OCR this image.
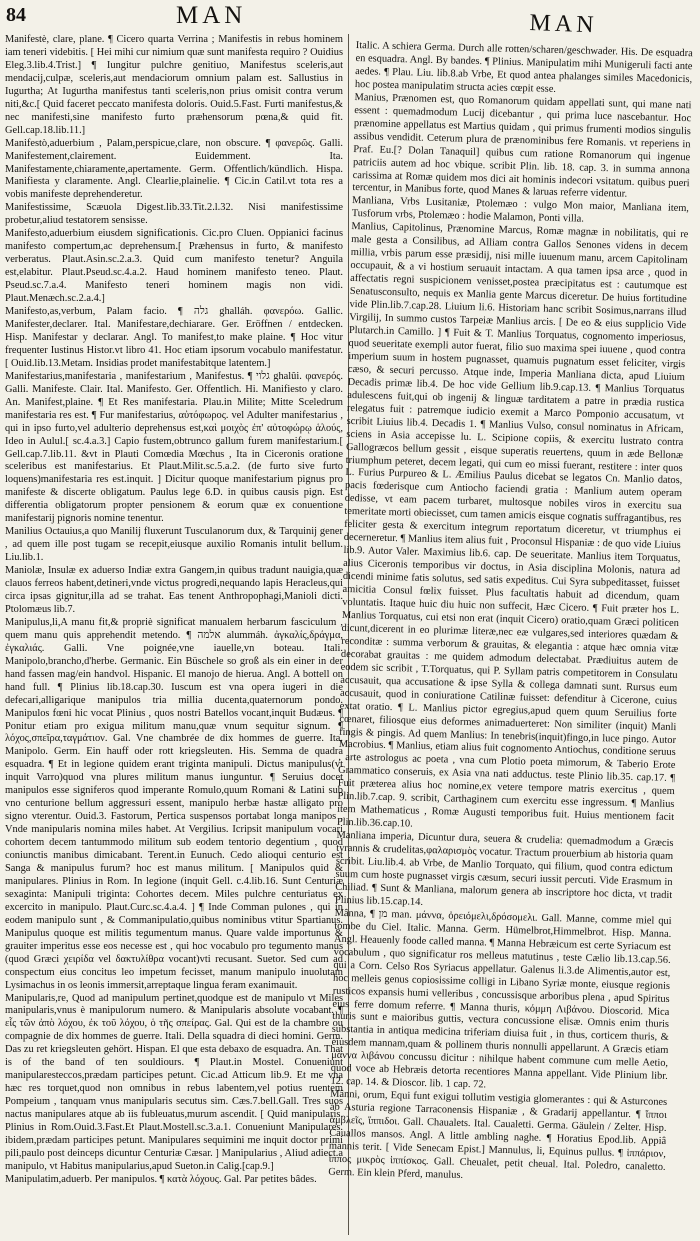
84	MAN	MAN

Manifestè, clare, plane. ¶ Cicero quarta Verrina ; Manifestis in rebus hominem iam teneri videbitis. [ Hei mihi cur nimium quæ sunt manifesta requiro ? Ouidius Eleg.3.lib.4.Trist.] ¶ Iungitur pulchre genitiuo, Manifestus sceleris,aut mendacij,culpæ, sceleris,aut mendaciorum omnium palam est. Sallustius in Iugurtha; At Iugurtha manifestus tanti sceleris,non prius omisit contra verum niti,&c.[ Quid faceret peccato manifesta doloris. Ouid.5.Fast. Furti manifestus,& nec manifesti,sine manifesto furto præhensorum pœna,& quid fit. Gell.cap.18.lib.11.]

Manifestò,aduerbium , Palam,perspicue,clare, non obscure. ¶ φανερῶς. Galli. Manifestement,clairement. Euidemment. Ita. Manifestamente,chiaramente,apertamente. Germ. Offentlich/kündlich. Hispa. Manifiesta y claramente. Angl. Clearlie,plainelie. ¶ Cic.in Catil.vt tota res a vobis manifeste deprehenderetur.

Manifestissime, Scæuola Digest.lib.33.Tit.2.l.32. Nisi manifestissime probetur,aliud testatorem sensisse.

Manifesto,aduerbium eiusdem significationis. Cic.pro Cluen. Oppianici facinus manifesto compertum,ac deprehensum.[ Præhensus in furto, & manifesto verberatus. Plaut.Asin.sc.2.a.3. Quid cum manifesto tenetur? Anguila est,elabitur. Plaut.Pseud.sc.4.a.2. Haud hominem manifesto teneo. Plaut. Pseud.sc.7.a.4. Manifesto teneri hominem magis non vidi. Plaut.Menæch.sc.2.a.4.]

Manifesto,as,verbum, Palam facio. ¶ גלה ghalláh. φανερόω. Gallic. Manifester,declarer. Ital. Manifestare,dechiarare. Ger. Eröffnen / entdecken. Hisp. Manifestar y declarar. Angl. To manifest,to make plaine. ¶ Hoc vitur frequenter Iustinus Histor.vt libro 41. Hoc etiam ipsorum vocabulo manifestatur. [ Ouid.lib.13.Metam. Insidias prodet manifestabitque latentem.]

Manifestarius,manifestaria , manifestarium , Manifestus. ¶ גלוי ghalûi. φανερός. Galli. Manifeste. Clair. Ital. Manifesto. Ger. Offentlich. Hi. Manifiesto y claro. An. Manifest,plaine. ¶ Et Res manifestaria. Plau.in Milite; Mitte Sceledrum manifestaria res est. ¶ Fur manifestarius, αὐτόφωρος. vel Adulter manifestarius , qui in ipso furto,vel adulterio deprehensus est,καὶ μοιχὸς ἐπ' αὐτοφώρῳ ἁλούς, Ideo in Aulul.[ sc.4.a.3.] Capio fustem,obtrunco gallum furem manifestarium.[ Gell.cap.7.lib.11. &vt in Plauti Comœdia Mœchus , Ita in Ciceronis oratione sceleribus est manifestarius. Et Plaut.Milit.sc.5.a.2. (de furto sive furto loquens)manifestaria res est.inquit. ] Dicitur quoque manifestarium pignus pro manifeste & discerte obligatum. Paulus lege 6.D. in quibus causis pign. Est differentia obligatorum propter pensionem & eorum quæ ex conuentione manifestarij pignoris nomine tenentur.

Manilius Octauius,a quo Manilij fluxerunt Tusculanorum dux, & Tarquinij gener , ad quem ille post tugam se recepit,eiusque auxilio Romanis intulit bellum. Liu.lib.1.

Maniolæ, Insulæ ex aduerso Indiæ extra Gangem,in quibus tradunt nauigia,quæ clauos ferreos habent,detineri,vnde victus progredi,nequando lapis Heracleus,qui circa ipsas gignitur,illa ad se trahat. Eas tenent Anthropophagi,Manioli dicti. Ptolomæus lib.7.

Manipulus,li,A manu fit,& propriè significat manualem herbarum fasciculum , quem manu quis apprehendit metendo. ¶ אלמה alummáh. ἀγκαλίς,δράγμα, ἐγκαλιάς. Galli. Vne poignée,vne iauelle,vn boteau. Itali. Manipolo,brancho,d'herbe. Germanic. Ein Büschele so groß als ein einer in der hand fassen mag/ein handvol. Hispanic. El manojo de hierua. Angl. A bottell on hand full. ¶ Plinius lib.18.cap.30. Iuscum est vna opera iugeri in die defecari,alligarique manipulos tria millia ducenta,quaternorum pondo. Manipulos fœni hic vocat Plinius , quos nostri Batellos vocant,inquit Budæus. ¶ Ponitur etiam pro exigua militum manu,quæ vnum sequitur signum. ¶ λόχος,σπεῖρα,ταγμάτιον. Gal. Vne chambrée de dix hommes de guerre. Ita. Manipolo. Germ. Ein hauff oder rott kriegsleuten. His. Semma de quadra esquadra. ¶ Et in legione quidem erant triginta manipuli. Dictus manipulus(vt inquit Varro)quod vna plures militum manus iunguntur. ¶ Seruius docet manipulos esse signiferos quod imperante Romulo,quum Romani & Latini sub vno centurione bellum aggressuri essent, manipulo herbæ hastæ alligato pro signo vterentur. Ouid.3. Fastorum, Pertica suspensos portabat longa manipos , Vnde manipularis nomina miles habet. At Vergilius. Icripsit manipulum vocari cohortem decem tantummodo militum sub eodem tentorio degentium , quod coniunctis manibus dimicabant. Terent.in Eunuch. Cedo alioqui centurio est Sanga & manipulus furum? hoc est manus militum. [ Manipulos quid & manipulares. Plinius in Rom. In legione (inquit Gell. c.4.lib.16. Sunt Centuriæ sexaginta: Manipuli triginta: Cohortes decem. Miles pulchre centuriatus ex excercito in manipulo. Plaut.Curc.sc.4.a.4. ] ¶ Inde Comman pulones , qui in eodem manipulo sunt , & Commanipulatio,quibus nominibus vtitur Spartianus. Manipulus quoque est militis tegumentum manus. Quare valde importunus & grauiter imperitus esse eos necesse est , qui hoc vocabulo pro tegumento manus (quod Græci χειρίδα vel δακτυλίθρα vocant)vti recusant. Suetor. Sed cum ad conspectum eius concitus leo impetum fecisset, manum manipulo inuolutam Lysimachus in os leonis immersit,arreptaque lingua feram exanimauit.

Manipularis,re, Quod ad manipulum pertinet,quodque est de manipulo vt Miles manipularis,vnus è manipulorum numero. & Manipularis absolute vocabant. ¶ εἷς τῶν ἀπὸ λόχου, ἐκ τοῦ λόχου, ὁ τῆς σπείρας. Gal. Qui est de la chambre ou compagnie de dix hommes de guerre. Itali. Della squadra di dieci homini. Germ. Das zu ret kriegsleuten gehört. Hispan. El que esta debaxo de esquadra. An. That is of the band of ten souldiours. ¶ Plaut.in Mostel. Conueniunt manipularesteccos,prædam participes petunt. Cic.ad Atticum lib.9. Et me vna hæc res torquet,quod non omnibus in rebus labentem,vel potius ruentem Pompeium , tanquam vnus manipularis secutus sim. Cæs.7.bell.Gall. Tres suos nactus manipulares atque ab iis fubleuatus,murum ascendit. [ Quid manipularis. Plinius in Rom.Ouid.3.Fast.Et Plaut.Mostell.sc.3.a.1. Conueniunt Manipulares. ibidem,prædam participes petunt. Manipulares sequimini me inquit doctor primi pili,paulo post deinceps dicuntur Centuriæ Cæsar. ] Manipularius , Aliud adiect.a manipulo, vt Habitus manipularius,apud Sueton.in Calig.[cap.9.]

Manipulatim,aduerb. Per manipulos. ¶ κατὰ λόχους. Gal. Par petites bâdes.

Italic. A schiera Germa. Durch alle rotten/scharen/geschwader. His. De esquadra en esquadra. Angl. By bandes. ¶ Plinius. Manipulatim mihi Munigeruli facti ante aedes. ¶ Plau. Liu. lib.8.ab Vrbe, Et quod antea phalanges similes Macedonicis, hoc postea manipulatim structa acies cœpit esse.

Manius, Prænomen est, quo Romanorum quidam appellati sunt, qui mane nati essent : quemadmodum Lucij dicebantur , qui prima luce nascebantur. Hoc prænomine appellatus est Martius quidam , qui primus frumenti modios singulis assibus vendidit. Ceterum plura de prænominibus fere Romanis. vt reperiens in Praf. Eu.[? Dolan Tanaquil] quibus cum ratione Romanorum qui ingenue patriciis autem ad hoc vbique. scribit Plin. lib. 18. cap. 3. in summa annona carissima at Romæ quidem mos dici ait hominis indecori vsitatum. quibus pueri tercentur, in Manibus forte, quod Manes & laruas referre videntur.

Manliana, Vrbs Lusitaniæ, Ptolemæo : vulgo Mon maior, Manliana item, Tusforum vrbs, Ptolemæo : hodie Malamon, Ponti villa.

Manlius, Capitolinus, Prænomine Marcus, Romæ magnæ in nobilitatis, qui re male gesta a Consilibus, ad Alliam contra Gallos Senones videns in decem millia, vrbis parum esse præsidij, nisi mille iuuenum manu, arcem Capitolinam occupauit, & a vi hostium seruauit intactam. A qua tamen ipsa arce , quod in affectatis regni suspicionem venisset,postea præcipitatus est : cautumque est Senatusconsulto, nequis ex Manlia gente Marcus diceretur. De huius fortitudine vide Plin.lib.7.cap.28. Liuium li.6. Historiam hanc scribit Sosimus,narrans illud Virgilij, In summo custos Tarpeiæ Manlius arcis. [ De eo & eius supplicio Vide Plutarch.in Camillo. ] ¶ Fuit & T. Manlius Torquatus, cognomento imperiosus, quod seueritate exempli autor fuerat, filio suo maxima spei iuuene , quod contra imperium suum in hostem pugnasset, quamuis pugnatum esset feliciter, virgis cæso, & securi percusso. Atque inde, Imperia Manliana dicta, apud Liuium Decadis primæ lib.4. De hoc vide Gellium lib.9.cap.13. ¶ Manlius Torquatus adulescens fuit,qui ob ingenij & linguæ tarditatem a patre in prædia rustica relegatus fuit : patremque iudicio exemit a Marco Pomponio accusatum, vt scribit Liuius lib.4. Decadis 1. ¶ Manlius Vulso, consul nominatus in Africam, sciens in Asia accepisse lu. L. Scipione copiis, & exercitu lustrato contra Gallogræcos bellum gessit , eisque superatis reuertens, quum in æde Bellonæ triumphum peteret, decem legati, qui cum eo missi fuerant, restitere : inter quos L. Furius Purpureo & L. Æmilius Paulus dicebat se legatos Cn. Manlio datos, pacis fœderisque cum Antiocho faciendi gratia : Manlium autem operam dedisse, vt eam pacem turbaret, multosque nobiles viros in exercitu sua temeritate morti obiecisset, cum tamen amicis eisque cognatis suffragantibus, res feliciter gesta & exercitum integrum reportatum diceretur, vt triumphus ei decerneretur. ¶ Manlius item alius fuit , Proconsul Hispaniæ : de quo vide Liuius lib.9. Autor Valer. Maximius lib.6. cap. De seueritate. Manlius item Torquatus, alius Ciceronis temporibus vir doctus, in Asia disciplina Molonis, natura ad dicendi minime fatis solutus, sed satis expeditus. Cui Syra subpeditasset, fuisset amicitia Consul fœlix fuisset. Plus facultatis habuit ad dicendum, quam voluntatis. Itaque huic diu huic non suffecit, Hæc Cicero. ¶ Fuit præter hos L. Manlius Torquatus, cui etsi non erat (inquit Cicero) oratio,quam Græci politicen dicunt,dicerent in eo plurimæ literæ,nec eæ vulgares,sed interiores quædam & reconditæ : summa verborum & grauitas, & elegantia : atque hæc omnia vitæ decorabat grauitas : me quidem admodum delectabat. Prædiuitus autem de eodem sic scribit , T.Torquatus, qui P. Syllam patris competitorem in Consulatu accusauit, qua accusatione & ipse Sylla & collega damnati sunt. Rursus eum accusauit, quod in coniuratione Catilinæ fuisset: defenditur à Cicerone, cuius extat oratio. ¶ L. Manlius pictor egregius,apud quem quum Seruilius forte cœnaret, filiosque eius deformes animaduerteret: Non similiter (inquit) Manli fingis & pingis. Ad quem Manlius: In tenebris(inquit)fingo,in luce pingo. Autor Macrobius. ¶ Manlius, etiam alius fuit cognomento Antiochus, conditione seruus , arte astrologus ac poeta , vna cum Plotio poeta mimorum, & Taberio Erote Grammatico conseruis, ex Asia vna nati adductus. teste Plinio lib.35. cap.17. ¶ Fuit præterea alius hoc nomine,ex vetere tempore matris exercitus , quem Plin.lib.7.cap. 9. scribit, Carthaginem cum exercitu esse ingressum. ¶ Manlius item Mathematicus , Romæ Augusti temporibus fuit. Huius mentionem facit Plin.lib.36.cap.10.

Manliana imperia, Dicuntur dura, seuera & crudelia: quemadmodum a Græcis tyrannis & crudelitas,φαλαρισμὸς vocatur. Tractum prouerbium ab historia quam scribit. Liu.lib.4. ab Vrbe, de Manlio Torquato, qui filium, quod contra edictum suum cum hoste pugnasset virgis cæsum, securi iussit percuti. Vide Erasmum in Chiliad. ¶ Sunt & Manliana, malorum genera ab inscriptore hoc dicta, vt tradit Plinius lib.15.cap.14.

Mânna, ¶ מן man. μάννα, ὀρειόμελι,δρόσομελι. Gall. Manne, comme miel qui tombe du Ciel. Italic. Manna. Germ. Hümelbrot,Himmelbrot. Hisp. Manna. Angl. Heauenly foode called manna. ¶ Manna Hebræicum est certe Syriacum est vocabulum , quo significatur ros melleus matutinus , teste Cælio lib.13.cap.56. qui a Corn. Celso Ros Syriacus appellatur. Galenus li.3.de Alimentis,autor est, hoc melleis genus copiosissime colligi in Libano Syriæ monte, eiusque regionis rusticos expansis humi velleribus , concussisque arboribus plena , apud Spiritus eius ferre domum referre. ¶ Manna thuris, κόμμη Λιβάνου. Dioscorid. Mica thuris sunt e maioribus guttis, vectura concussione elisæ. Omnis enim thuris substantia in antiqua medicina triferiam diuisa fuit , in thus, corticem thuris, & eiusdem mannam,quam & pollinem thuris nonnulli appellarunt. A Græcis etiam μάννα λιβάνου concussu dicitur : nihilque habent commune cum melle Aetio, quod voce ab Hebræis detorta recentiores Manna appellant. Vide Plinium libr. 12. cap. 14. & Dioscor. lib. 1 cap. 72.

Mânni, orum, Equi funt exigui tollutim vestigia glomerantes : qui & Asturcones ab Asturia regione Tarraconensis Hispaniæ , & Gradarij appellantur. ¶ ἵπποι ἀμβλεῖς, ἵππιδοι. Gall. Chaualets. Ital. Caualetti. Germa. Gäulein / Zelter. Hisp. Cauallos mansos. Angl. A little ambling naghe. ¶ Horatius Epod.lib. Appiâ mannis terit. [ Vide Senecam Epist.] Mannulus, li, Equinus pullus. ¶ ἱππάριον, ἵππος μικρὸς ἱππίσκος. Gall. Cheualet, petit cheual. Ital. Poledro, canaletto. Germ. Ein klein Pferd, manulus.
